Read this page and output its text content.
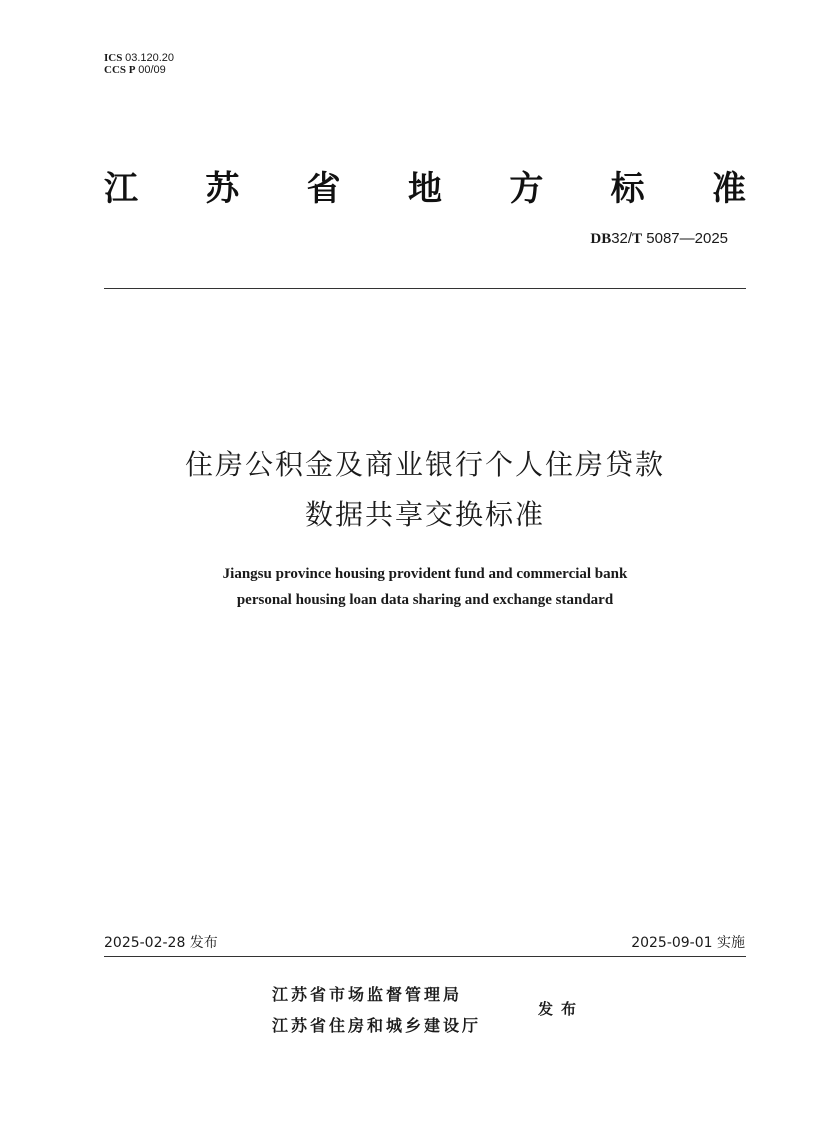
ICS 03.120.20
CCS P 00/09
江 苏 省 地 方 标 准
DB32/T 5087—2025
住房公积金及商业银行个人住房贷款
数据共享交换标准
Jiangsu province housing provident fund and commercial bank
personal housing loan data sharing and exchange standard
2025-02-28 发布	2025-09-01 实施
江苏省市场监督管理局
江苏省住房和城乡建设厅
发布
